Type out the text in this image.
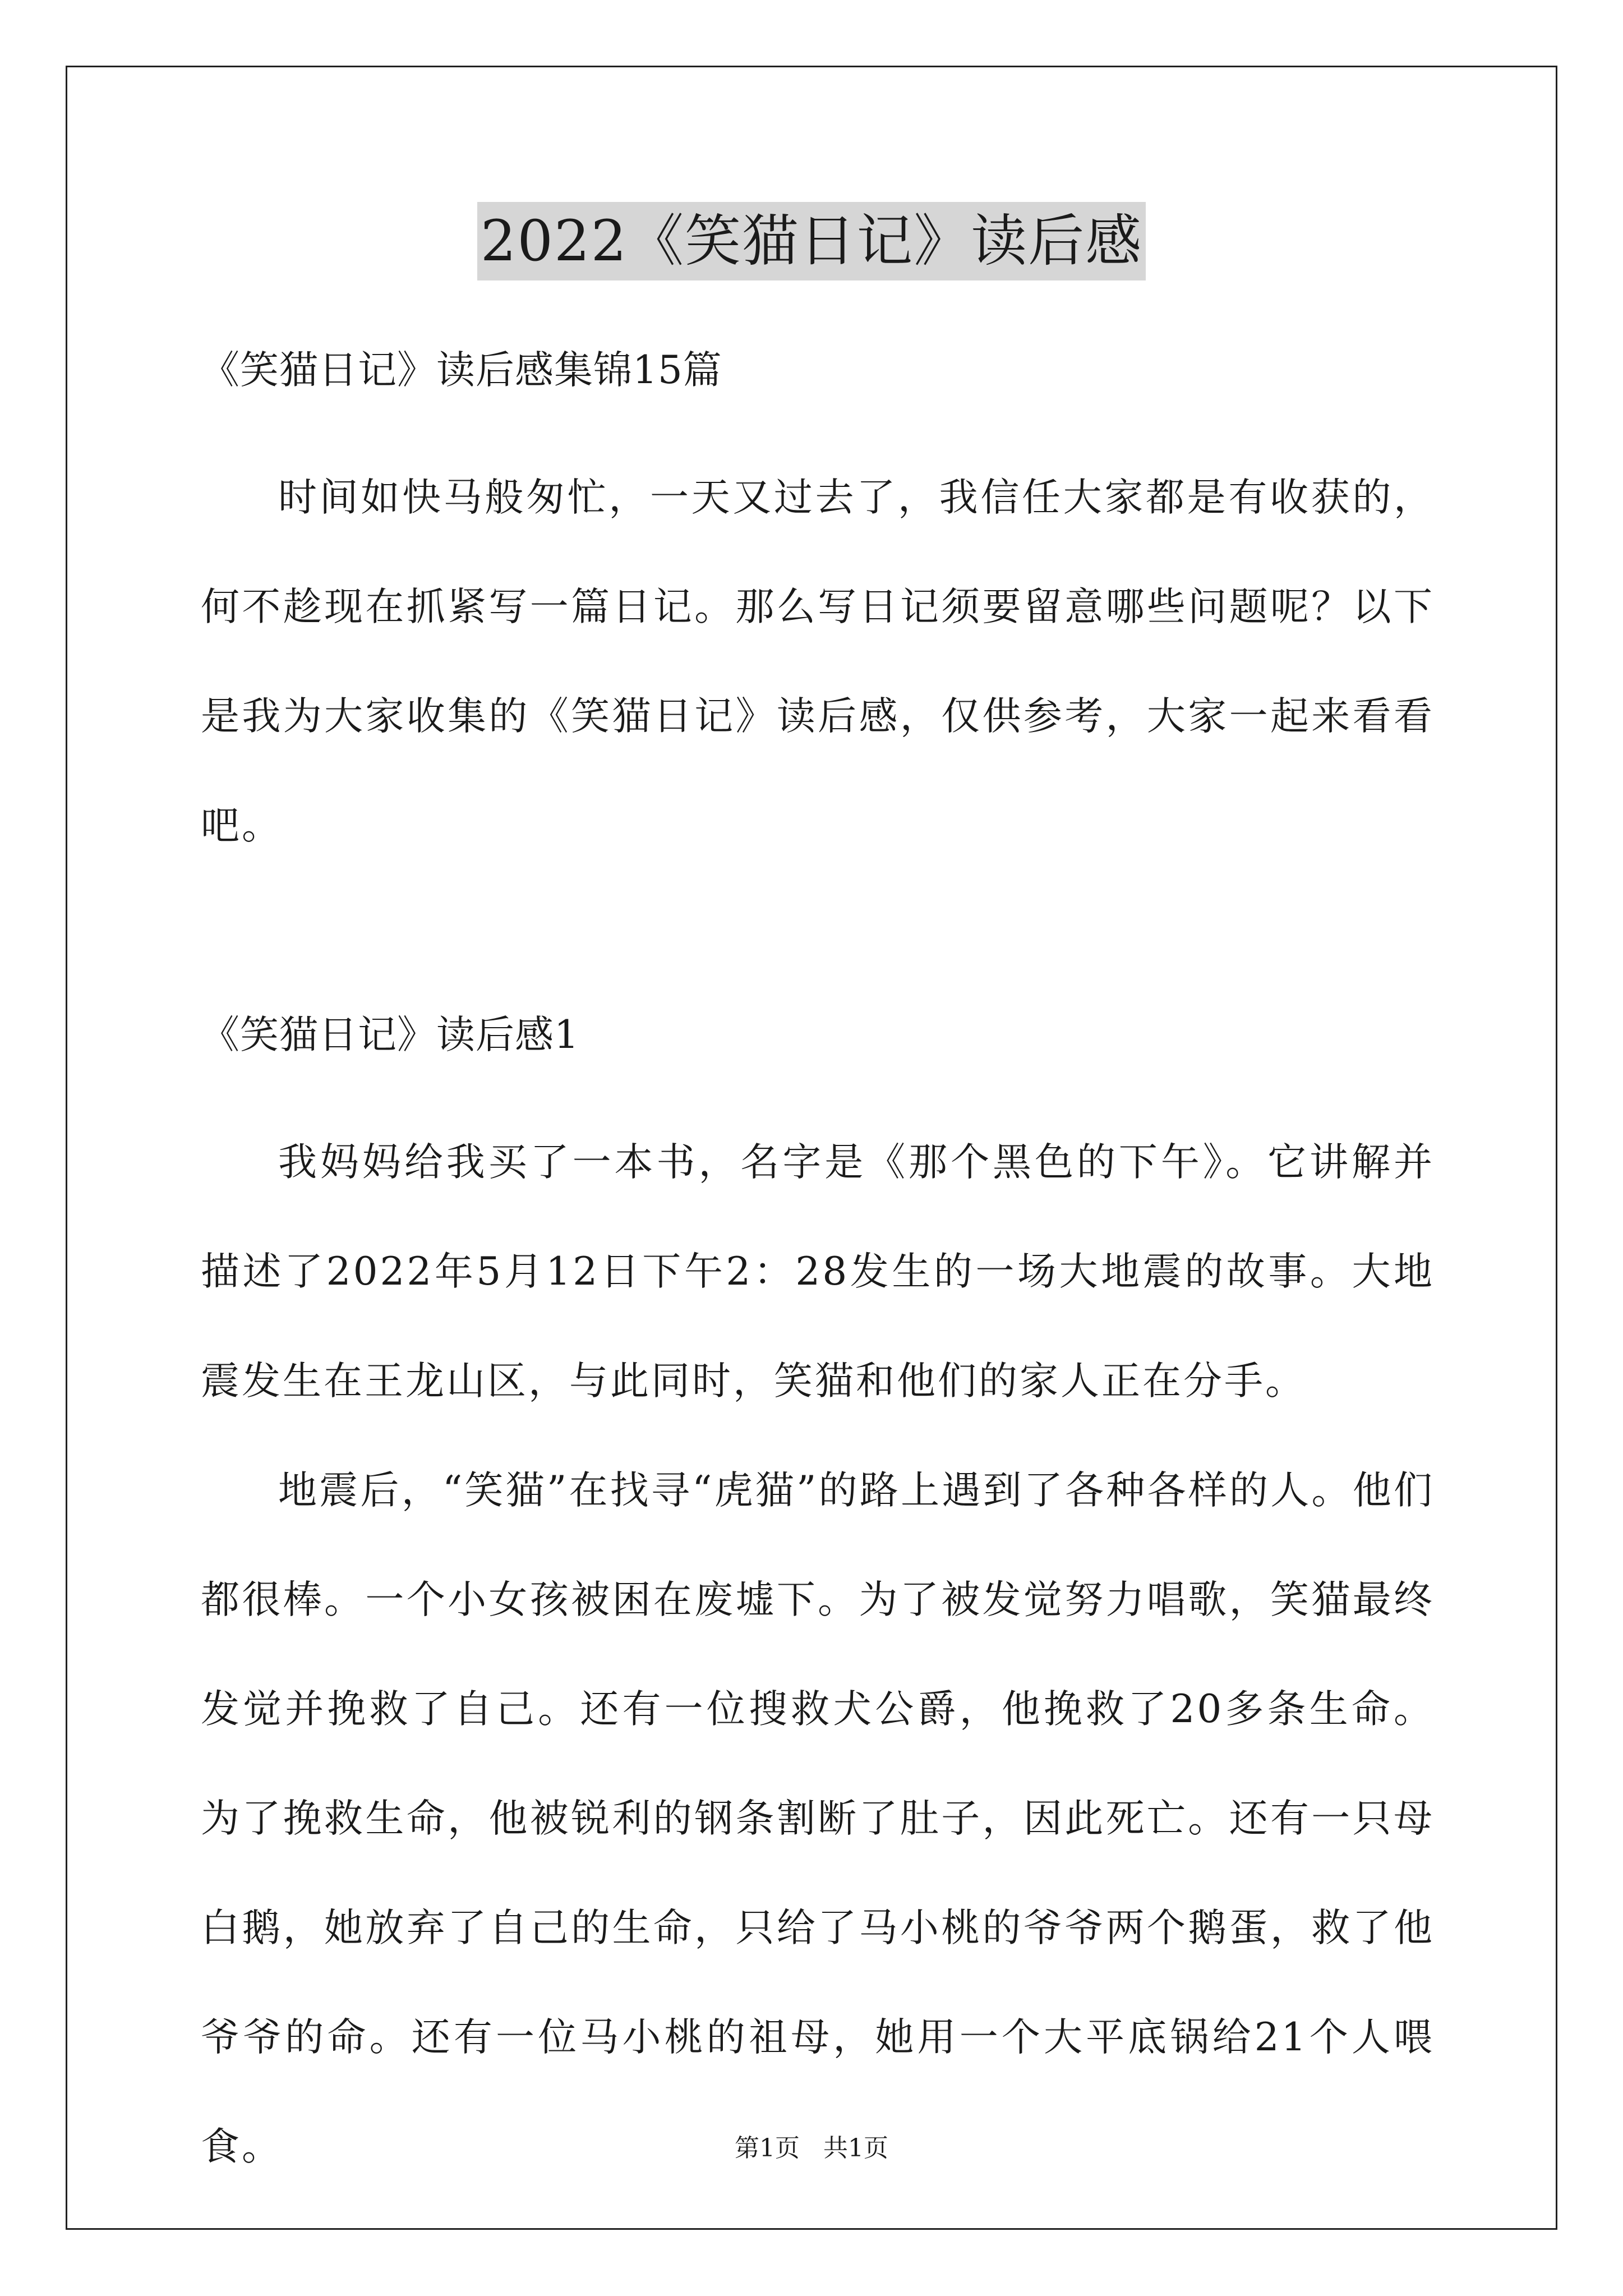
2022《笑猫日记》读后感

《笑猫日记》读后感集锦15篇

时间如快马般匆忙，一天又过去了，我信任大家都是有收获的，何不趁现在抓紧写一篇日记。那么写日记须要留意哪些问题呢？以下是我为大家收集的《笑猫日记》读后感，仅供参考，大家一起来看看吧。

《笑猫日记》读后感1

我妈妈给我买了一本书，名字是《那个黑色的下午》。它讲解并描述了2022年5月12日下午2：28发生的一场大地震的故事。大地震发生在王龙山区，与此同时，笑猫和他们的家人正在分手。

地震后，“笑猫”在找寻“虎猫”的路上遇到了各种各样的人。他们都很棒。一个小女孩被困在废墟下。为了被发觉努力唱歌，笑猫最终发觉并挽救了自己。还有一位搜救犬公爵，他挽救了20多条生命。为了挽救生命，他被锐利的钢条割断了肚子，因此死亡。还有一只母白鹅，她放弃了自己的生命，只给了马小桃的爷爷两个鹅蛋，救了他爷爷的命。还有一位马小桃的祖母，她用一个大平底锅给21个人喂食。	第1页 共1页
